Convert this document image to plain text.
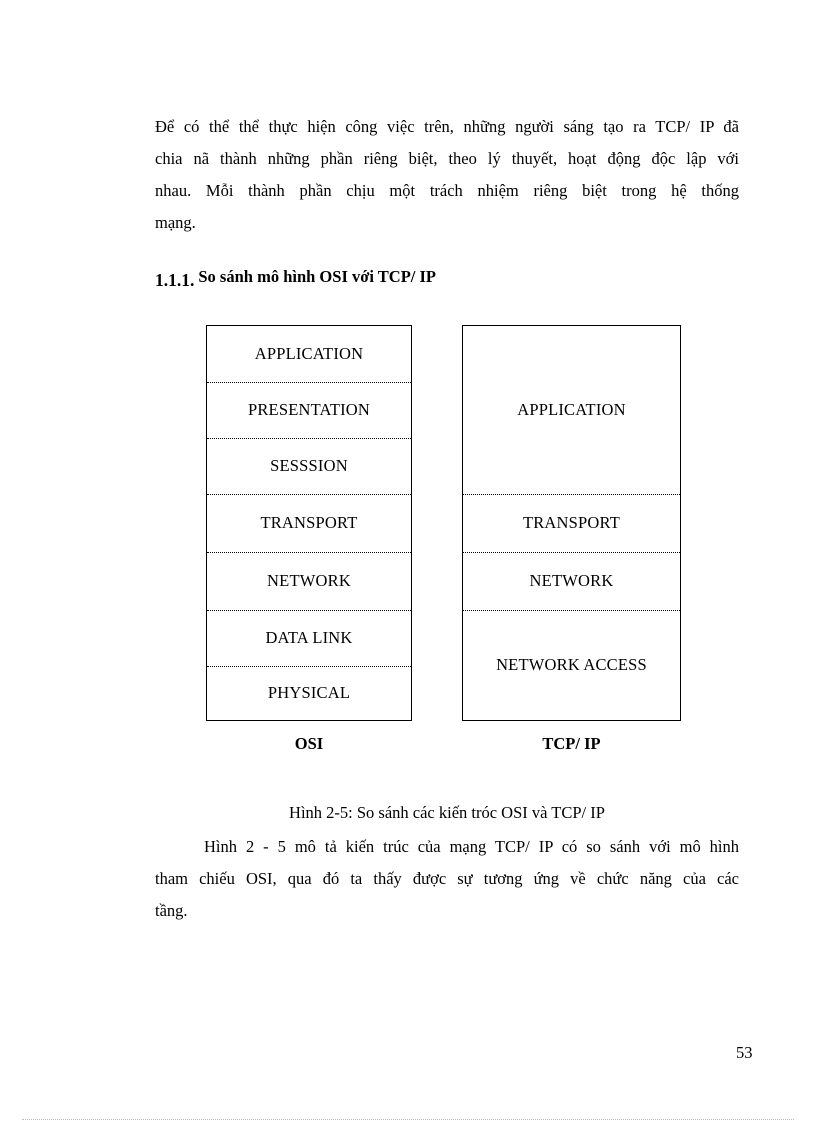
Để có thể thể thực hiện công việc trên, những người sáng tạo ra TCP/ IP đã
chia nã thành những phần riêng biệt, theo lý thuyết, hoạt động độc lập với
nhau. Mỗi thành phần chịu một trách nhiệm riêng biệt trong hệ thống
mạng.
1.1.1. So sánh mô hình OSI với TCP/ IP
APPLICATION
PRESENTATION
SESSSION
TRANSPORT
NETWORK
DATA LINK
PHYSICAL
APPLICATION
TRANSPORT
NETWORK
NETWORK ACCESS
OSI	TCP/ IP
Hình 2-5: So sánh các kiến tróc OSI và TCP/ IP
Hình 2 - 5 mô tả kiến trúc của mạng TCP/ IP có so sánh với mô hình
tham chiếu OSI, qua đó ta thấy được sự tương ứng về chức năng của các
tầng.
53
